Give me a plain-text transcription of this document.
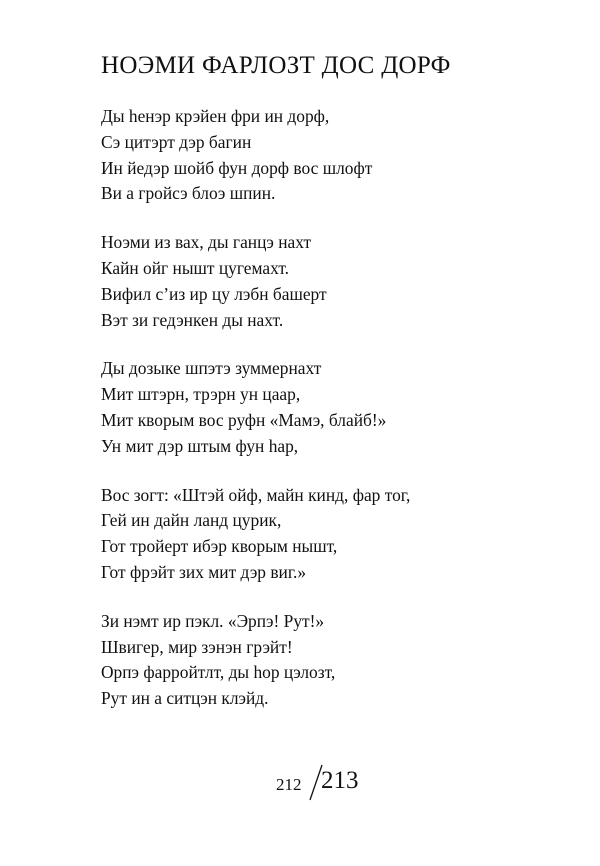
НОЭМИ ФАРЛОЗТ ДОС ДОРФ
Ды һенэр крэйен фри ин дорф,
Сэ цитэрт дэр багин
Ин йедэр шойб фун дорф вос шлофт
Ви а гройсэ блоэ шпин.
Ноэми из вах, ды ганцэ нахт
Кайн ойг нышт цугемахт.
Вифил с’из ир цу лэбн башерт
Вэт зи гедэнкен ды нахт.
Ды дозыке шпэтэ зуммернахт
Мит штэрн, трэрн ун цаар,
Мит кворым вос руфн «Мамэ, блайб!»
Ун мит дэр штым фун һар,
Вос зогт: «Штэй ойф, майн кинд, фар тог,
Гей ин дайн ланд цурик,
Гот тройерт ибэр кворым нышт,
Гот фрэйт зих мит дэр виг.»
Зи нэмт ир пэкл. «Эрпэ! Рут!»
Швигер, мир зэнэн грэйт!
Орпэ фарройтлт, ды һор цэлозт,
Рут ин а ситцэн клэйд.
212 213
